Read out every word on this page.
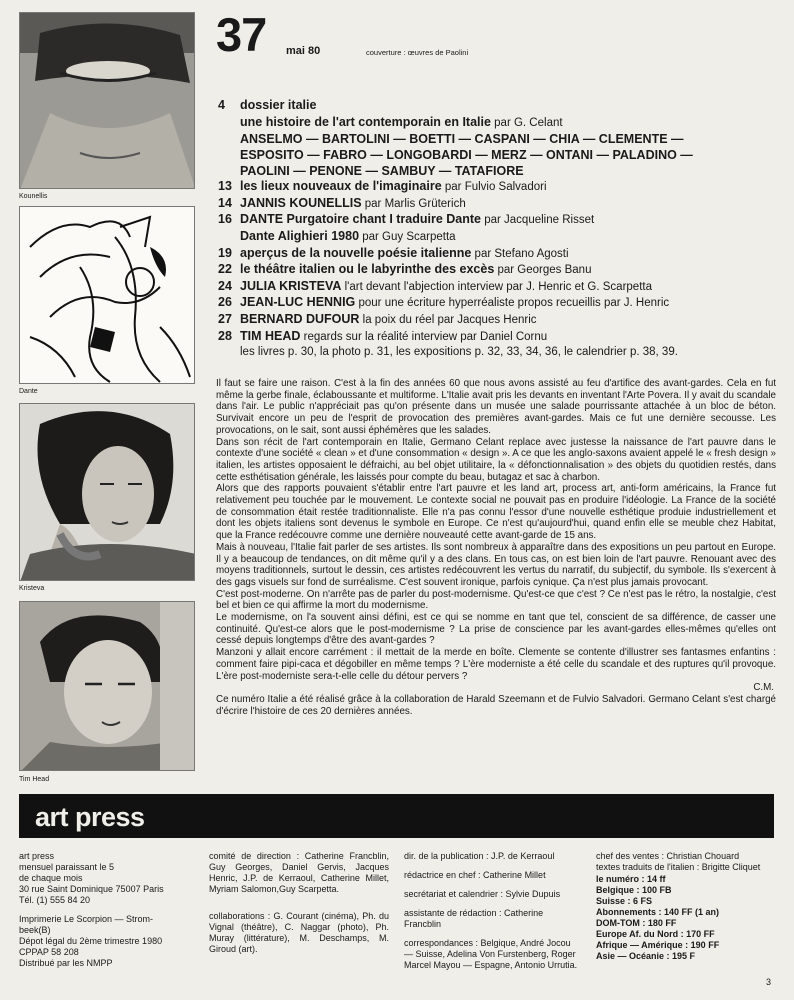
37 mai 80	couverture : œuvres de Paolini
Kounellis
Dante
Kristeva
Tim Head
4 dossier italie
une histoire de l'art contemporain en Italie par G. Celant
ANSELMO — BARTOLINI — BOETTI — CASPANI — CHIA — CLEMENTE —
ESPOSITO — FABRO — LONGOBARDI — MERZ — ONTANI — PALADINO —
PAOLINI — PENONE — SAMBUY — TATAFIORE
13 les lieux nouveaux de l'imaginaire par Fulvio Salvadori
14 JANNIS KOUNELLIS par Marlis Grüterich
16 DANTE Purgatoire chant I traduire Dante par Jacqueline Risset
Dante Alighieri 1980 par Guy Scarpetta
19 aperçus de la nouvelle poésie italienne par Stefano Agosti
22 le théâtre italien ou le labyrinthe des excès par Georges Banu
24 JULIA KRISTEVA l'art devant l'abjection interview par J. Henric et G. Scarpetta
26 JEAN-LUC HENNIG pour une écriture hyperréaliste propos recueillis par J. Henric
27 BERNARD DUFOUR la poix du réel par Jacques Henric
28 TIM HEAD regards sur la réalité interview par Daniel Cornu
les livres p. 30, la photo p. 31, les expositions p. 32, 33, 34, 36, le calendrier p. 38, 39.

Il faut se faire une raison. C'est à la fin des années 60 que nous avons assisté au feu d'artifice des avant-gardes. Cela en fut même la gerbe finale, éclaboussante et multiforme. L'Italie avait pris les devants en inventant l'Arte Povera. Il y avait du scandale dans l'air. Le public n'appréciait pas qu'on présente dans un musée une salade pourrissante attachée à un bloc de béton. Survivait encore un peu de l'esprit de provocation des premières avant-gardes. Mais ce fut une dernière secousse. Les provocations, on le sait, sont aussi éphémères que les salades.

Dans son récit de l'art contemporain en Italie, Germano Celant replace avec justesse la naissance de l'art pauvre dans le contexte d'une société « clean » et d'une consommation « design ». A ce que les anglo-saxons avaient appelé le « fresh design » italien, les artistes opposaient le défraichi, au bel objet utilitaire, la « défonctionnalisation » des objets du quotidien restés, dans cette esthétisation générale, les laissés pour compte du beau, butagaz et sac à charbon.

Alors que des rapports pouvaient s'établir entre l'art pauvre et les land art, process art, anti-form américains, la France fut relativement peu touchée par le mouvement. Le contexte social ne pouvait pas en produire l'idéologie. La France de la société de consommation était restée traditionnaliste. Elle n'a pas connu l'essor d'une nouvelle esthétique produie industriellement et dont les objets italiens sont devenus le symbole en Europe. Ce n'est qu'aujourd'hui, quand enfin elle se meuble chez Habitat, que la France redécouvre comme une dernière nouveauté cette avant-garde de 15 ans.

Mais à nouveau, l'Italie fait parler de ses artistes. Ils sont nombreux à apparaître dans des expositions un peu partout en Europe. Il y a beaucoup de tendances, on dit même qu'il y a des clans. En tous cas, on est bien loin de l'art pauvre. Renouant avec des moyens traditionnels, surtout le dessin, ces artistes redécouvrent les vertus du narratif, du subjectif, du symbole. Ils s'exercent à des gags visuels sur fond de surréalisme. C'est souvent ironique, parfois cynique. Ça n'est plus jamais provocant.

C'est post-moderne. On n'arrête pas de parler du post-modernisme. Qu'est-ce que c'est ? Ce n'est pas le rétro, la nostalgie, c'est bel et bien ce qui affirme la mort du modernisme.

Le modernisme, on l'a souvent ainsi défini, est ce qui se nomme en tant que tel, conscient de sa différence, de casser une continuité. Qu'est-ce alors que le post-modernisme ? La prise de conscience par les avant-gardes elles-mêmes qu'elles ont cessé depuis longtemps d'être des avant-gardes ?

Manzoni y allait encore carrément : il mettait de la merde en boîte. Clemente se contente d'illustrer ses fantasmes enfantins : comment faire pipi-caca et dégobiller en même temps ? L'ère moderniste a été celle du scandale et des ruptures qu'il provoque. L'ère post-moderniste sera-t-elle celle du détour pervers ?

C.M.

Ce numéro Italie a été réalisé grâce à la collaboration de Harald Szeemann et de Fulvio Salvadori. Germano Celant s'est chargé d'écrire l'histoire de ces 20 dernières années.

art press

art press

mensuel paraissant le 5

de chaque mois

30 rue Saint Dominique 75007 Paris

Tél. (1) 555 84 20

Imprimerie Le Scorpion — Strom-

beek(B)

Dépot légal du 2ème trimestre 1980

CPPAP 58 208

Distribué par les NMPP

comité de direction : Catherine Francblin, Guy Georges, Daniel Gervis, Jacques Henric, J.P. de Kerraoul, Catherine Millet, Myriam Salomon,Guy Scarpetta.

collaborations : G. Courant (cinéma), Ph. du Vignal (théâtre), C. Naggar (photo), Ph. Muray (littérature), M. Deschamps, M. Giroud (art).

dir. de la publication : J.P. de Kerraoul

rédactrice en chef : Catherine Millet

secrétariat et calendrier : Sylvie Dupuis

assistante de rédaction : Catherine Francblin

correspondances : Belgique, André Jocou — Suisse, Adelina Von Furstenberg, Roger Marcel Mayou — Espagne, Antonio Urrutia.

chef des ventes : Christian Chouard

textes traduits de l'italien : Brigitte Cliquet

le numéro : 14 ff

Belgique : 100 FB

Suisse : 6 FS

Abonnements : 140 FF (1 an)

DOM-TOM : 180 FF

Europe Af. du Nord : 170 FF

Afrique — Amérique : 190 FF

Asie — Océanie : 195 F

3
